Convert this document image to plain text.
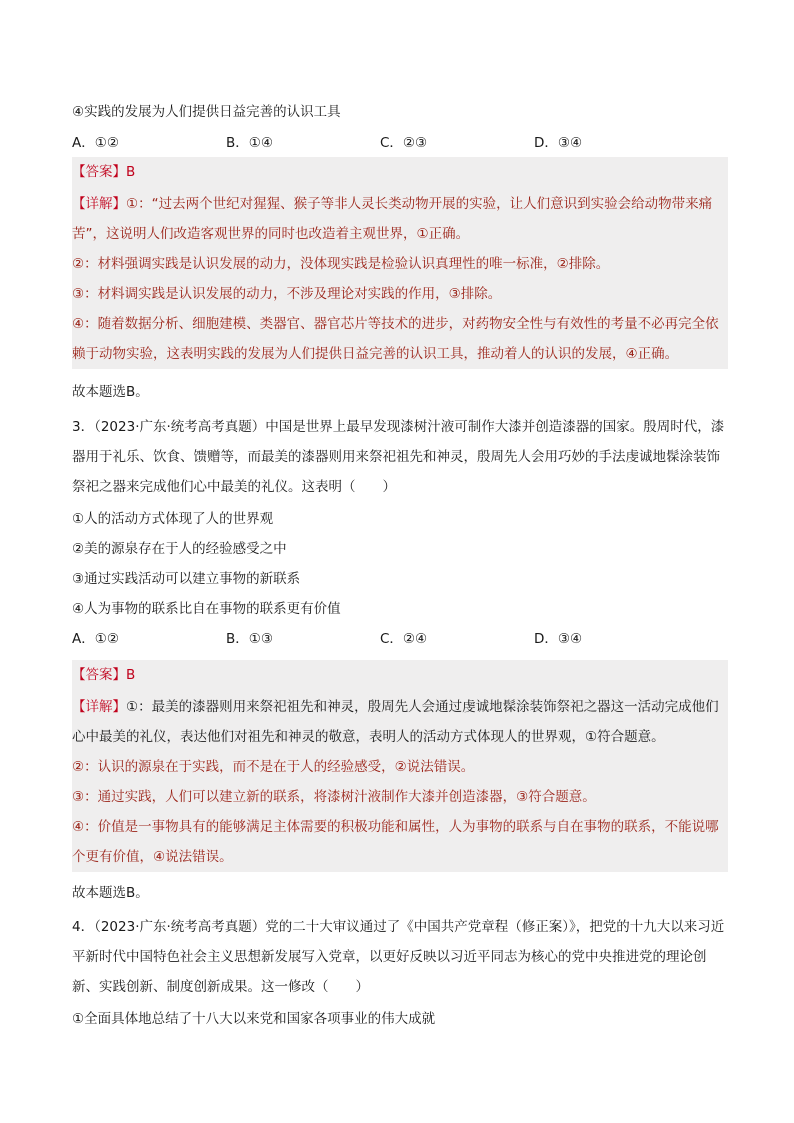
④实践的发展为人们提供日益完善的认识工具
A．①②	B．①④	C．②③	D．③④
【答案】B
【详解】①：“过去两个世纪对猩猩、猴子等非人灵长类动物开展的实验，让人们意识到实验会给动物带来痛苦”，这说明人们改造客观世界的同时也改造着主观世界，①正确。
②：材料强调实践是认识发展的动力，没体现实践是检验认识真理性的唯一标准，②排除。
③：材料调实践是认识发展的动力，不涉及理论对实践的作用，③排除。
④：随着数据分析、细胞建模、类器官、器官芯片等技术的进步，对药物安全性与有效性的考量不必再完全依赖于动物实验，这表明实践的发展为人们提供日益完善的认识工具，推动着人的认识的发展，④正确。
故本题选B。
3．（2023·广东·统考高考真题）中国是世界上最早发现漆树汁液可制作大漆并创造漆器的国家。殷周时代，漆器用于礼乐、饮食、馈赠等，而最美的漆器则用来祭祀祖先和神灵，殷周先人会用巧妙的手法虔诚地髹涂装饰祭祀之器来完成他们心中最美的礼仪。这表明（　　）
①人的活动方式体现了人的世界观
②美的源泉存在于人的经验感受之中
③通过实践活动可以建立事物的新联系
④人为事物的联系比自在事物的联系更有价值
A．①②	B．①③	C．②④	D．③④
【答案】B
【详解】①：最美的漆器则用来祭祀祖先和神灵，殷周先人会通过虔诚地髹涂装饰祭祀之器这一活动完成他们心中最美的礼仪，表达他们对祖先和神灵的敬意，表明人的活动方式体现人的世界观，①符合题意。
②：认识的源泉在于实践，而不是在于人的经验感受，②说法错误。
③：通过实践，人们可以建立新的联系，将漆树汁液制作大漆并创造漆器，③符合题意。
④：价值是一事物具有的能够满足主体需要的积极功能和属性，人为事物的联系与自在事物的联系，不能说哪个更有价值，④说法错误。
故本题选B。
4．（2023·广东·统考高考真题）党的二十大审议通过了《中国共产党章程（修正案）》，把党的十九大以来习近平新时代中国特色社会主义思想新发展写入党章，以更好反映以习近平同志为核心的党中央推进党的理论创新、实践创新、制度创新成果。这一修改（　　）
①全面具体地总结了十八大以来党和国家各项事业的伟大成就
